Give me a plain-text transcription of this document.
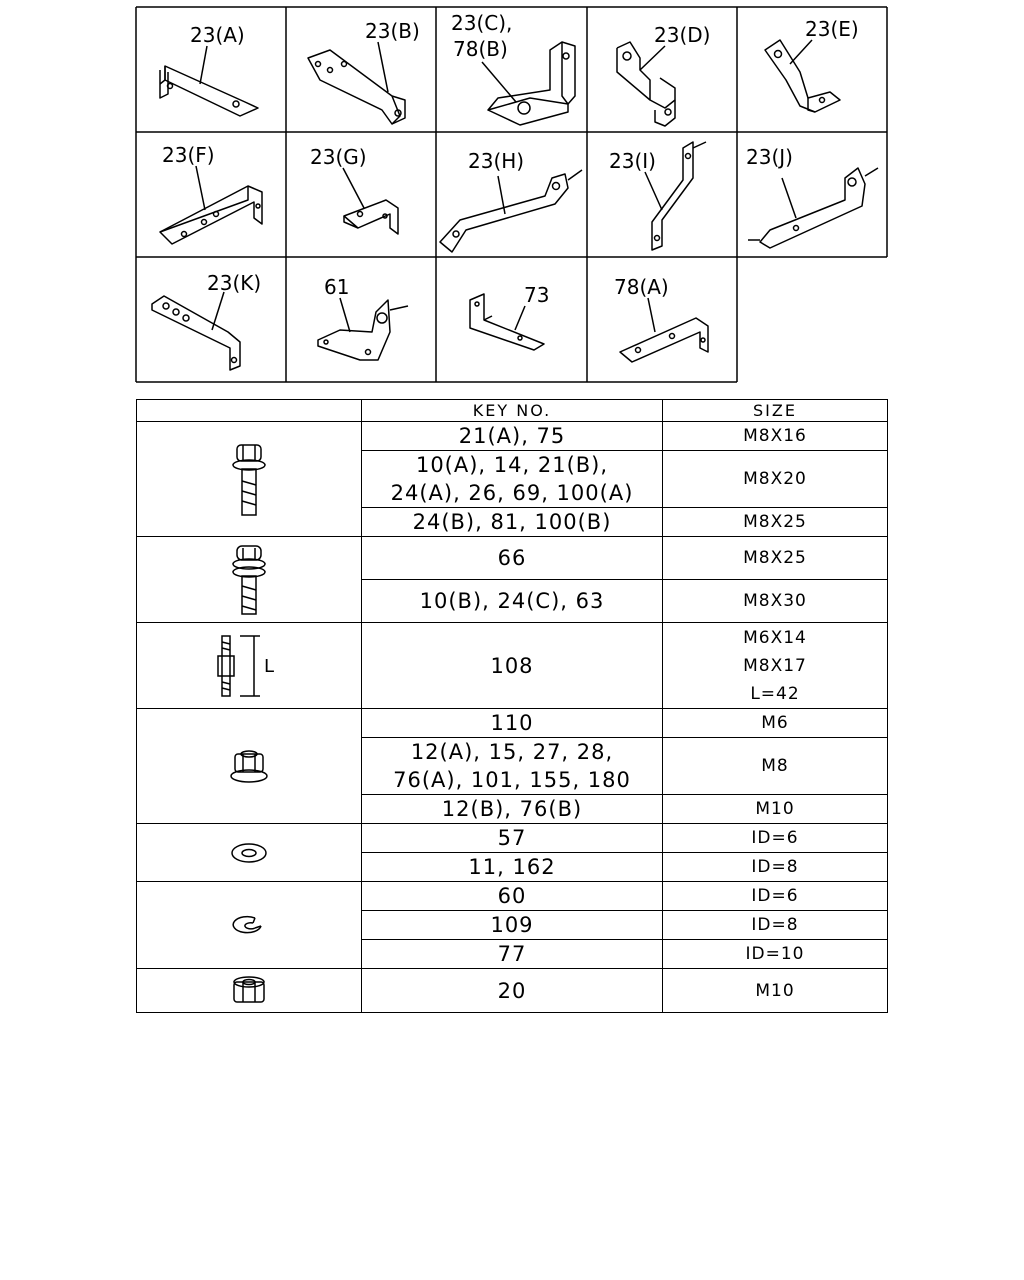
23(A)	23(B) 23(C),
78(B)
23(D)	23(E)
23(F)	23(G)	23(H)	23(I)	23(J)
23(K)	61	73	78(A)
	KEY NO.	SIZE

	21(A), 75	M8X16
	10(A), 14, 21(B),
24(A), 26, 69, 100(A)	M8X20
	24(B), 81, 100(B)	M8X25

	66	M8X25
	10(B), 24(C), 63	M8X30

L	108	M6X14
M8X17
L=42

	110	M6
	12(A), 15, 27, 28,
76(A), 101, 155, 180	M8
	12(B), 76(B)	M10

	57	ID=6
	11, 162	ID=8

	60	ID=6
	109	ID=8
	77	ID=10

	20	M10
